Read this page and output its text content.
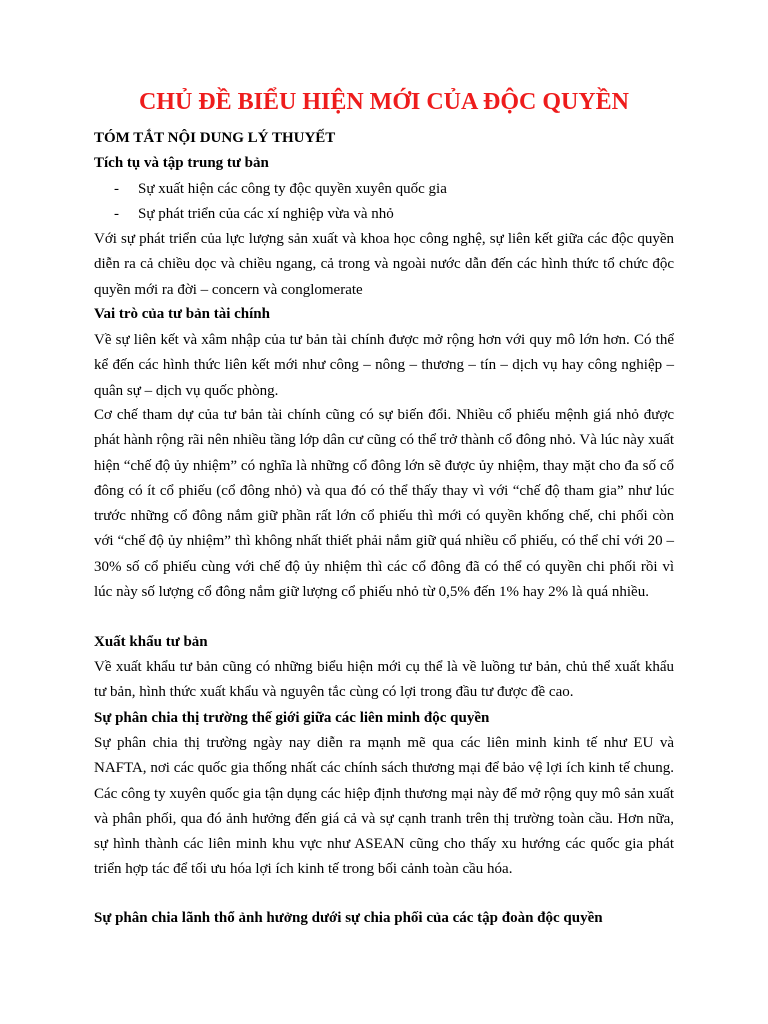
CHỦ ĐỀ BIỂU HIỆN MỚI CỦA ĐỘC QUYỀN

TÓM TẮT NỘI DUNG LÝ THUYẾT

Tích tụ và tập trung tư bản

- Sự xuất hiện các công ty độc quyền xuyên quốc gia

- Sự phát triển của các xí nghiệp vừa và nhỏ

Với sự phát triển của lực lượng sản xuất và khoa học công nghệ, sự liên kết giữa các độc quyền diễn ra cả chiều dọc và chiều ngang, cả trong và ngoài nước dẫn đến các hình thức tổ chức độc quyền mới ra đời – concern và conglomerate

Vai trò của tư bản tài chính

Về sự liên kết và xâm nhập của tư bản tài chính được mở rộng hơn với quy mô lớn hơn. Có thể kể đến các hình thức liên kết mới như công – nông – thương – tín – dịch vụ hay công nghiệp – quân sự – dịch vụ quốc phòng.

Cơ chế tham dự của tư bản tài chính cũng có sự biến đổi. Nhiều cổ phiếu mệnh giá nhỏ được phát hành rộng rãi nên nhiều tầng lớp dân cư cũng có thể trở thành cổ đông nhỏ. Và lúc này xuất hiện “chế độ ủy nhiệm” có nghĩa là những cổ đông lớn sẽ được ủy nhiệm, thay mặt cho đa số cổ đông có ít cổ phiếu (cổ đông nhỏ) và qua đó có thể thấy thay vì với “chế độ tham gia” như lúc trước những cổ đông nắm giữ phần rất lớn cổ phiếu thì mới có quyền khống chế, chi phối còn với “chế độ ủy nhiệm” thì không nhất thiết phải nắm giữ quá nhiều cổ phiếu, có thể chỉ với 20 – 30% số cổ phiếu cùng với chế độ ủy nhiệm thì các cổ đông đã có thể có quyền chi phối rồi vì lúc này số lượng cổ đông nắm giữ lượng cổ phiếu nhỏ từ 0,5% đến 1% hay 2% là quá nhiều.

Xuất khẩu tư bản

Về xuất khẩu tư bản cũng có những biểu hiện mới cụ thể là về luồng tư bản, chủ thể xuất khẩu tư bản, hình thức xuất khẩu và nguyên tắc cùng có lợi trong đầu tư được đề cao.

Sự phân chia thị trường thế giới giữa các liên minh độc quyền

Sự phân chia thị trường ngày nay diễn ra mạnh mẽ qua các liên minh kinh tế như EU và NAFTA, nơi các quốc gia thống nhất các chính sách thương mại để bảo vệ lợi ích kinh tế chung. Các công ty xuyên quốc gia tận dụng các hiệp định thương mại này để mở rộng quy mô sản xuất và phân phối, qua đó ảnh hưởng đến giá cả và sự cạnh tranh trên thị trường toàn cầu. Hơn nữa, sự hình thành các liên minh khu vực như ASEAN cũng cho thấy xu hướng các quốc gia phát triển hợp tác để tối ưu hóa lợi ích kinh tế trong bối cảnh toàn cầu hóa.

Sự phân chia lãnh thổ ảnh hưởng dưới sự chia phối của các tập đoàn độc quyền
